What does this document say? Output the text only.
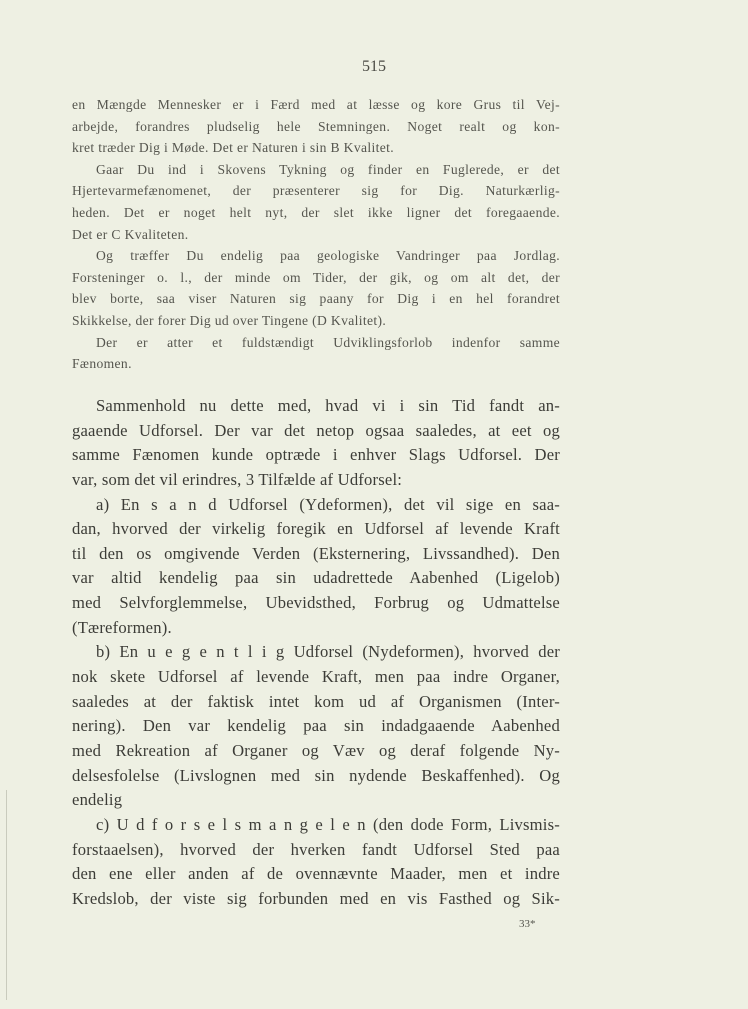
515
en Mængde Mennesker er i Færd med at læsse og kore Grus til Vej-
arbejde, forandres pludselig hele Stemningen. Noget realt og kon-
kret træder Dig i Møde. Det er Naturen i sin B Kvalitet.
Gaar Du ind i Skovens Tykning og finder en Fuglerede, er det
Hjertevarmefænomenet, der præsenterer sig for Dig. Naturkærlig-
heden. Det er noget helt nyt, der slet ikke ligner det foregaaende.
Det er C Kvaliteten.
Og træffer Du endelig paa geologiske Vandringer paa Jordlag.
Forsteninger o. l., der minde om Tider, der gik, og om alt det, der
blev borte, saa viser Naturen sig paany for Dig i en hel forandret
Skikkelse, der forer Dig ud over Tingene (D Kvalitet).
Der er atter et fuldstændigt Udviklingsforlob indenfor samme
Fænomen.
Sammenhold nu dette med, hvad vi i sin Tid fandt an-
gaaende Udforsel. Der var det netop ogsaa saaledes, at eet og
samme Fænomen kunde optræde i enhver Slags Udforsel. Der
var, som det vil erindres, 3 Tilfælde af Udforsel:
a) En s a n d Udforsel (Ydeformen), det vil sige en saa-
dan, hvorved der virkelig foregik en Udforsel af levende Kraft
til den os omgivende Verden (Eksternering, Livssandhed). Den
var altid kendelig paa sin udadrettede Aabenhed (Ligelob)
med Selvforglemmelse, Ubevidsthed, Forbrug og Udmattelse
(Tæreformen).
b) En u e g e n t l i g Udforsel (Nydeformen), hvorved der
nok skete Udforsel af levende Kraft, men paa indre Organer,
saaledes at der faktisk intet kom ud af Organismen (Inter-
nering). Den var kendelig paa sin indadgaaende Aabenhed
med Rekreation af Organer og Væv og deraf folgende Ny-
delsesfolelse (Livslognen med sin nydende Beskaffenhed). Og
endelig
c) U d f o r s e l s m a n g e l e n (den dode Form, Livsmis-
forstaaelsen), hvorved der hverken fandt Udforsel Sted paa
den ene eller anden af de ovennævnte Maader, men et indre
Kredslob, der viste sig forbunden med en vis Fasthed og Sik-
33*
